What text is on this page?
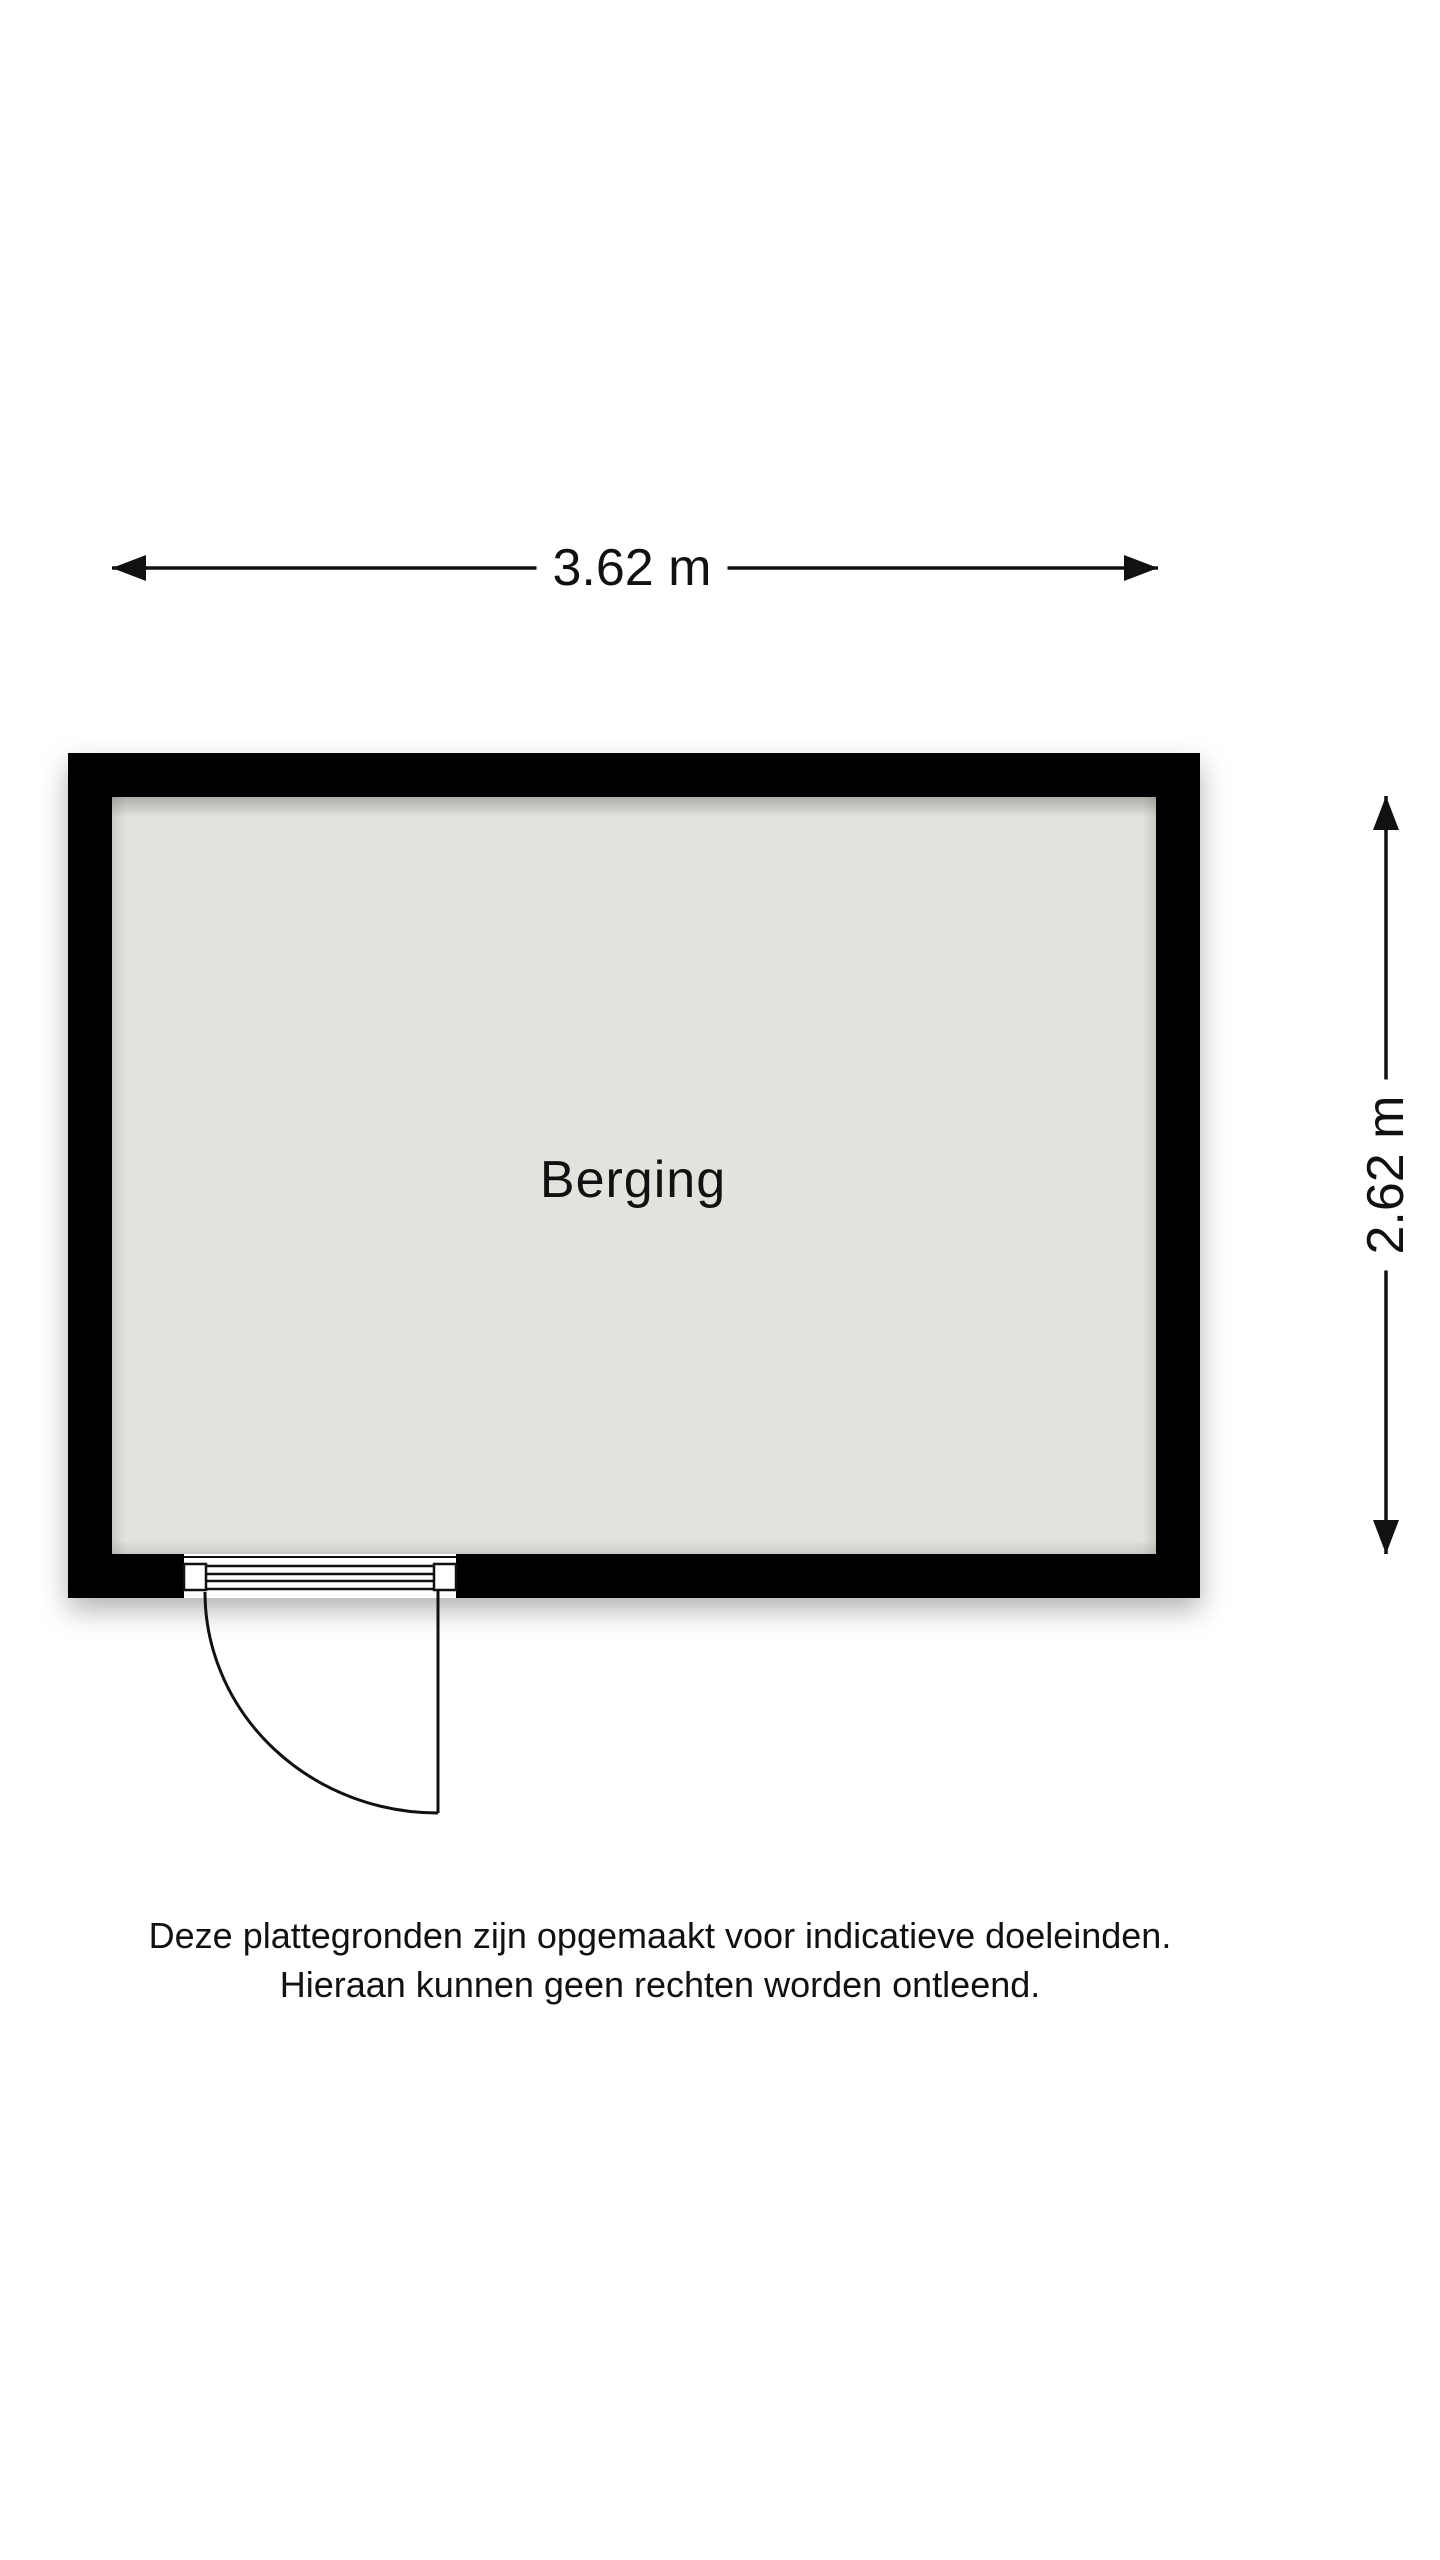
3.62 m
2.62 m
Berging
Deze plattegronden zijn opgemaakt voor indicatieve doeleinden.
Hieraan kunnen geen rechten worden ontleend.
